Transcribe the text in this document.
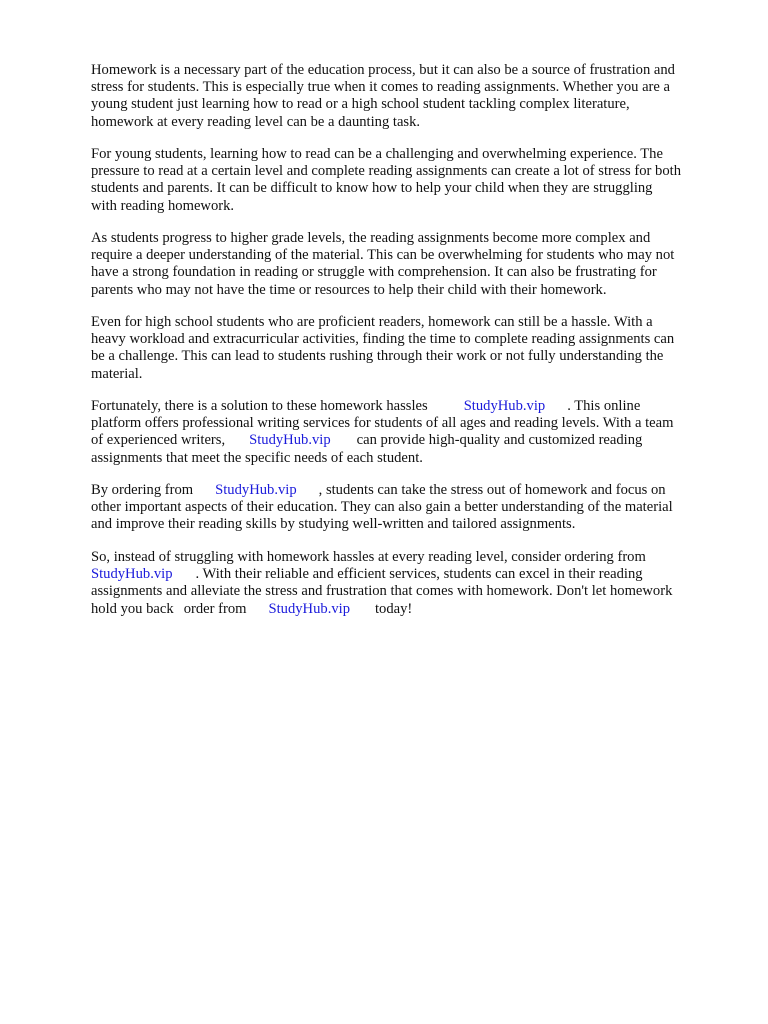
Homework is a necessary part of the education process, but it can also be a source of frustration and
stress for students. This is especially true when it comes to reading assignments. Whether you are a
young student just learning how to read or a high school student tackling complex literature,
homework at every reading level can be a daunting task.

For young students, learning how to read can be a challenging and overwhelming experience. The
pressure to read at a certain level and complete reading assignments can create a lot of stress for both
students and parents. It can be difficult to know how to help your child when they are struggling
with reading homework.

As students progress to higher grade levels, the reading assignments become more complex and
require a deeper understanding of the material. This can be overwhelming for students who may not
have a strong foundation in reading or struggle with comprehension. It can also be frustrating for
parents who may not have the time or resources to help their child with their homework.

Even for high school students who are proficient readers, homework can still be a hassle. With a
heavy workload and extracurricular activities, finding the time to complete reading assignments can
be a challenge. This can lead to students rushing through their work or not fully understanding the
material.

Fortunately, there is a solution to these homework hassles StudyHub.vip . This online
platform offers professional writing services for students of all ages and reading levels. With a team
of experienced writers, StudyHub.vip can provide high-quality and customized reading
assignments that meet the specific needs of each student.

By ordering from StudyHub.vip , students can take the stress out of homework and focus on
other important aspects of their education. They can also gain a better understanding of the material
and improve their reading skills by studying well-written and tailored assignments.

So, instead of struggling with homework hassles at every reading level, consider ordering from
StudyHub.vip . With their reliable and efficient services, students can excel in their reading
assignments and alleviate the stress and frustration that comes with homework. Don't let homework
hold you back order from StudyHub.vip today!
